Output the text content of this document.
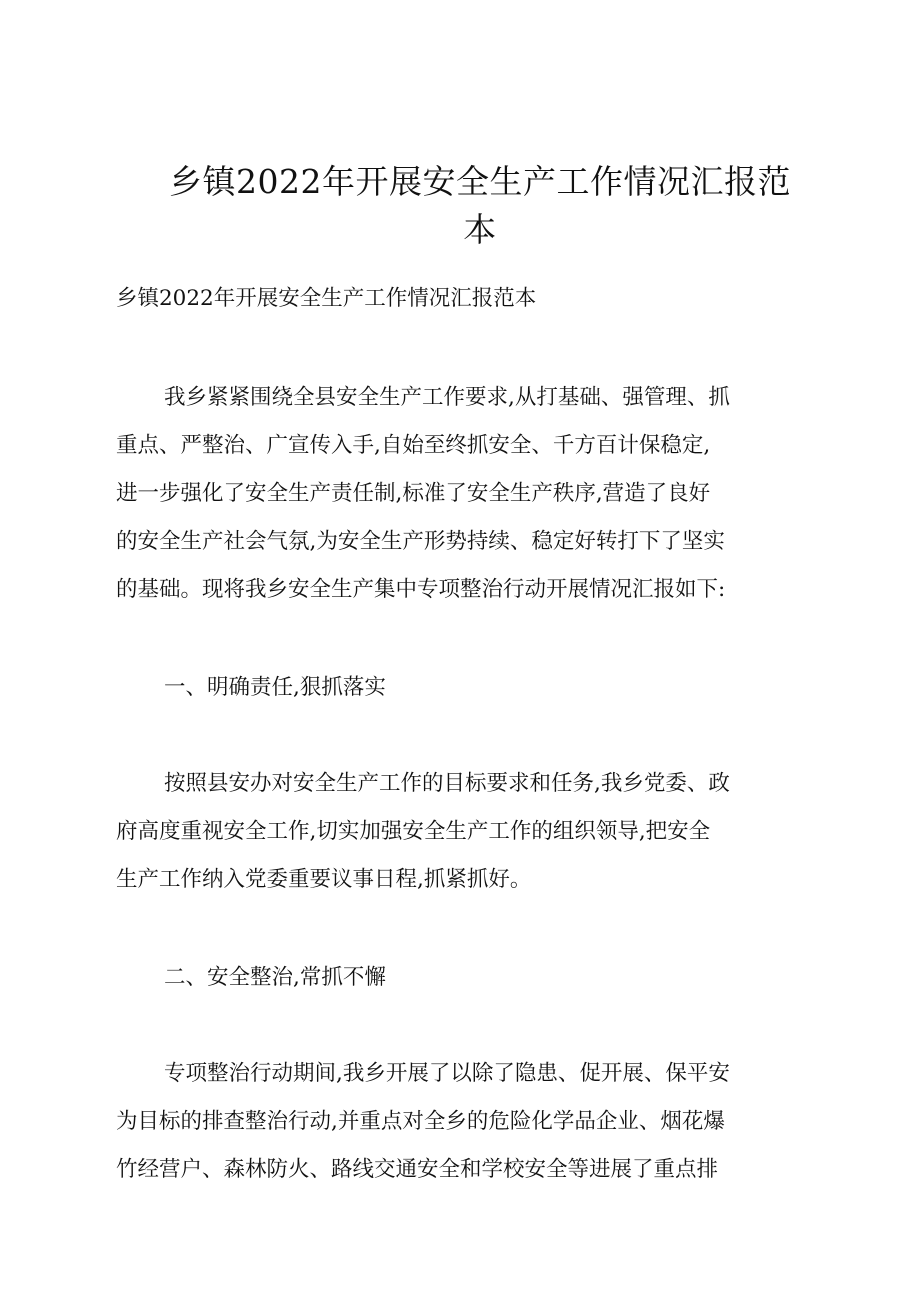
乡镇2022年开展安全生产工作情况汇报范
本

乡镇2022年开展安全生产工作情况汇报范本

我乡紧紧围绕全县安全生产工作要求,从打基础、强管理、抓
重点、严整治、广宣传入手,自始至终抓安全、千方百计保稳定,
进一步强化了安全生产责任制,标准了安全生产秩序,营造了良好
的安全生产社会气氛,为安全生产形势持续、稳定好转打下了坚实
的基础。现将我乡安全生产集中专项整治行动开展情况汇报如下:
一、明确责任,狠抓落实
按照县安办对安全生产工作的目标要求和任务,我乡党委、政
府高度重视安全工作,切实加强安全生产工作的组织领导,把安全
生产工作纳入党委重要议事日程,抓紧抓好。
二、安全整治,常抓不懈
专项整治行动期间,我乡开展了以除了隐患、促开展、保平安
为目标的排查整治行动,并重点对全乡的危险化学品企业、烟花爆
竹经营户、森林防火、路线交通安全和学校安全等进展了重点排
